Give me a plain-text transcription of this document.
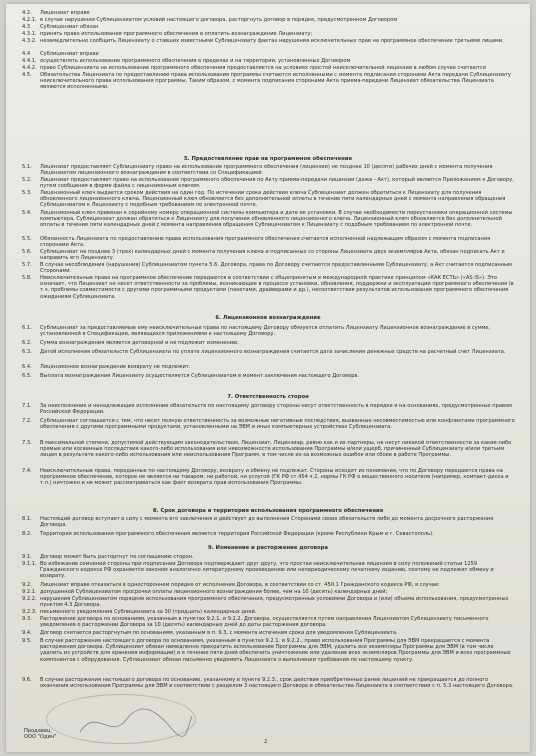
4.2.	Лицензиат вправе
4.2.1. в случае нарушения Сублицензиатом условий настоящего договора, расторгнуть договор в порядке, предусмотренном Договором
4.3	Сублицензиат обязан
4.3.1. принять право использования программного обеспечения и оплатить вознаграждение Лицензиату;
4.3.2. незамедлительно сообщить Лицензиату о ставших известными Сублицензиату фактах нарушения исключительных прав на программное обеспечение третьими лицами.
4.4	Сублицензиат вправе
4.4.1. осуществлять использование программного обеспечения в пределах и на территории, установленных Договором
4.4.2. право Сублицензиата на использование программного обеспечения предоставляется на условиях простой неисключительной лицензии в любом случае считаются
4.5.	Обязательства Лицензиата по предоставлению права использования программы считаются исполненными с момента подписания сторонами Акта передачи Сублицензиату неисключительного права использования программы. Таким образом, с момента подписания сторонами Акта приема-передачи Лицензиат обязательства Лицензиата являются исполненными.
5. Предоставление прав на программное обеспечение
5.1.	Лицензиат предоставляет Сублицензиату право на использование программного обеспечения (лицензии) не позднее 10 (десяти) рабочих дней с момента получения Лицензиатом лицензионного вознаграждения в соответствии со Спецификацией.
5.2.	Лицензиат предоставляет право на использование программного обеспечения по Акту приема-передачи лицензии (даже - Акт), который является Приложением к Договору, путем сообщения в форме файла с лицензионным ключом.
5.3.	Лицензионный ключ выдается сроком действия на один год. По истечении срока действия ключа Сублицензиат должен обратиться к Лицензиату для получения обновленного лицензионного ключа. Лицензионный ключ обновляется без дополнительной оплаты в течение пяти календарных дней с момента направления обращения Сублицензиатом к Лицензиату с подобным требованием по электронной почте.
5.4.	Лицензионный ключ привязан к серийному номеру операционной системы компьютера и дате ее установки. В случае необходимости переустановки операционной системы компьютера, Сублицензиат должен обратиться к Лицензиату для получения обновленного лицензионного ключа. Лицензионный ключ обновляется без дополнительной оплаты в течение пяти календарных дней с момента направления обращения Сублицензиатом к Лицензиату с подобным требованием по электронной почте.
5.5.	Обязанность Лицензиата по предоставлению права использования программного обеспечения считается исполненной надлежащим образом с момента подписания сторонами Акта.
5.6.	Сублицензиат не позднее 3 (трех) календарных дней с момента получения ключа и подписанных со стороны Лицензиата двух экземпляров Акта, обязан подписать Акт и направить его Лицензиату.
5.7.	В случае несоблюдения (нарушения) Сублицензиатом пункта 5.6. Договора, права по Договору считаются предоставленными Сублицензиату, а Акт считается подписанным Сторонами.
5.8.	Неисключительные права на программное обеспечение передаются в соответствии с общепринятым в международной практике принципом «КАК ЕСТЬ» («AS IS»). Это означает, что Лицензиат не несет ответственности за проблемы, возникающие в процессе установки, обновления, поддержки и эксплуатации программного обеспечения (в т.ч. проблемы совместимости с другими программными продуктами (пакетами, драйверами и др.), несоответствия результатов использования программного обеспечения ожиданиям Сублицензиата.
6. Лицензионное вознаграждение
6.1.	Сублицензиат за предоставляемые ему неисключительные права по настоящему Договору обязуется оплатить Лицензиату Лицензионное вознаграждение в сумме, установленной в Спецификации, являющихся приложениями к настоящему Договору.
6.2.	Сумма вознаграждения является договорной и не подлежит изменению.
6.3.	Датой исполнения обязательств Сублицензиата по уплате лицензионного вознаграждения считается дата зачисления денежных средств на расчетный счет Лицензиата.
6.4.	Лицензионное вознаграждение возврату не подлежит.
6.5.	Выплата вознаграждения Лицензиату осуществляется Сублицензиатом в момент заключения настоящего Договора.
7. Ответственность сторон
7.1.	За неисполнение и ненадлежащее исполнение обязательств по настоящему договору стороны несут ответственность в порядке и на основаниях, предусмотренных правом Российской Федерации.
7.2.	Сублицензиат соглашается с тем, что несет полную ответственность за возможные негативные последствия, вызванные несовместимостью или конфликтами программного обеспечения с другими программными продуктами, установленными на ЭВМ и иных компьютерных устройствах Сублицензиата.
7.3.	В максимальной степени, допустимой действующим законодательством, Лицензиат, Лицензиар, равно как и их партнеры, не несут никакой ответственности за какие-либо прямые или косвенные последствия какого-либо использования или невозможности использования Программы и/или ущерб, причиненный Сублицензиату и/или третьим лицам в результате какого-либо использования или неиспользования Программ, в том числе из-за возможных ошибок или сбоев в работе Программы.
7.4.	Неисключительные права, переданные по настоящему Договору, возврату и обмену не подлежат. Стороны исходят из понимания, что по Договору передаются права на программное обеспечение, которое не является ни товаром, ни работой, ни услугой (ГК РФ ст.454 ч.2, нормы ГК РФ о вещественного носителя (например, компакт-диска и т.п.) ничтожен и не может рассматриваться как факт возврата прав использования Программы.
8. Срок договора и территория использования программного обеспечения
8.1.	Настоящий договор вступает в силу с момента его заключения и действует до выполнения Сторонами своих обязательств либо до момента досрочного расторжения Договора.
8.2.	Территория использования программного обеспечения является территория Российской Федерации (кроме Республики Крым и г. Севастополь).
9. Изменение и расторжение договора
9.1.	Договор может быть расторгнут по соглашению сторон.
9.1.1. Во избежание сомнений стороны при подписании Договора подтверждают друг другу, что простая неисключительная лицензия в силу положений статьи 1259 Гражданского кодекса РФ охраняется законом аналогично литературному произведению или непериодическому печатному изданию, поэтому не подлежит обмену и возврату.
9.2.	Лицензиат вправе отказаться в одностороннем порядке от исполнения Договора, в соответствии со ст. 450.1 Гражданского кодекса РФ, в случае:
9.2.1. допущенной Сублицензиатом просрочки оплаты лицензионного вознаграждения более, чем на 10 (десять) календарных дней;
9.2.2. нарушения Сублицензиатом порядков использования программного обеспечения, предусмотренных условиями Договора и (или) объема использования, предусмотренных пунктом 4.3 Договора.
9.2.3. письменного уведомления Сублицензиата за 30 (тридцать) календарных дней.
9.3.	Расторжение договора по основаниям, указанным в пунктах 9.2.1. и 9.2.2. Договора, осуществляется путем направления Лицензиатом Сублицензиату письменного уведомления о расторжении Договора за 10 (десять) календарных дней до даты расторжения договора.
9.4.	Договор считается расторгнутым по основаниям, указанным в п. 9.3, с момента истечения срока для уведомления Сублицензиата.
9.5.	В случае расторжения настоящего договора по основаниям, указанным в пунктах 9.2.1. и 9.2.2., право использования Программы для ЭВМ прекращается с момента расторжения договора. Сублицензиат обязан немедленно прекратить использование Программы для ЭВМ, удалить все экземпляры Программы для ЭВМ (в том числе удалить из устройств для хранения информации) и в течение пяти дней обеспечить уничтожение или удаление всех экземпляров Программы для ЭВМ и всех программных компонентов с оборудования. Сублицензиат обязан письменно уведомить Лицензиата о выполнении требования по настоящему пункту.
9.6.	В случае расторжения настоящего договора по основанию, указанному в пункте 9.2.3., срок действия приобретенных ранее лицензий не прекращается до полного окончания использования Программы для ЭВМ в соответствии с разделом 3 настоящего Договора и обязательства Лицензиата в соответствии с п. 5.3 настоящего Договора.
Продавец
ООО "Один"
2
